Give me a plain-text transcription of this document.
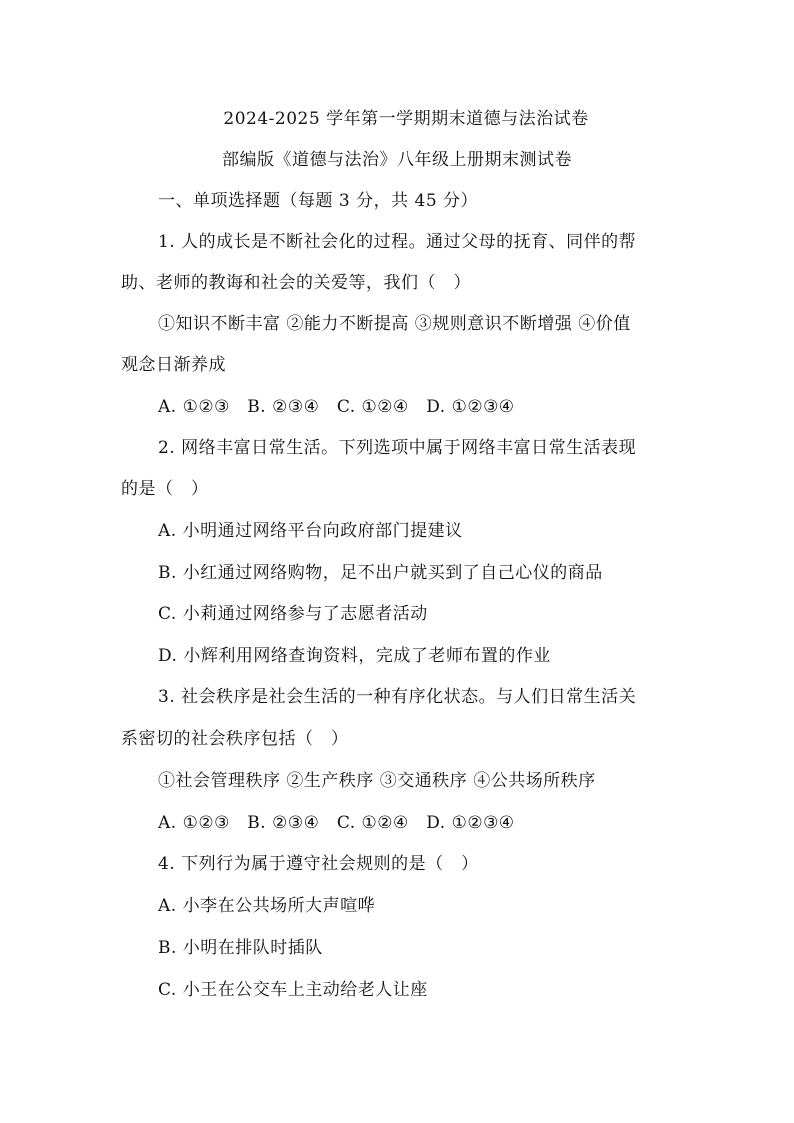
2024-2025 学年第一学期期末道德与法治试卷
部编版《道德与法治》八年级上册期末测试卷
一、单项选择题（每题 3 分，共 45 分）
1. 人的成长是不断社会化的过程。通过父母的抚育、同伴的帮
助、老师的教诲和社会的关爱等，我们（　）
①知识不断丰富 ②能力不断提高 ③规则意识不断增强 ④价值
观念日渐养成
A. ①②③　B. ②③④　C. ①②④　D. ①②③④
2. 网络丰富日常生活。下列选项中属于网络丰富日常生活表现
的是（　）
A. 小明通过网络平台向政府部门提建议
B. 小红通过网络购物，足不出户就买到了自己心仪的商品
C. 小莉通过网络参与了志愿者活动
D. 小辉利用网络查询资料，完成了老师布置的作业
3. 社会秩序是社会生活的一种有序化状态。与人们日常生活关
系密切的社会秩序包括（　）
①社会管理秩序 ②生产秩序 ③交通秩序 ④公共场所秩序
A. ①②③　B. ②③④　C. ①②④　D. ①②③④
4. 下列行为属于遵守社会规则的是（　）
A. 小李在公共场所大声喧哗
B. 小明在排队时插队
C. 小王在公交车上主动给老人让座
